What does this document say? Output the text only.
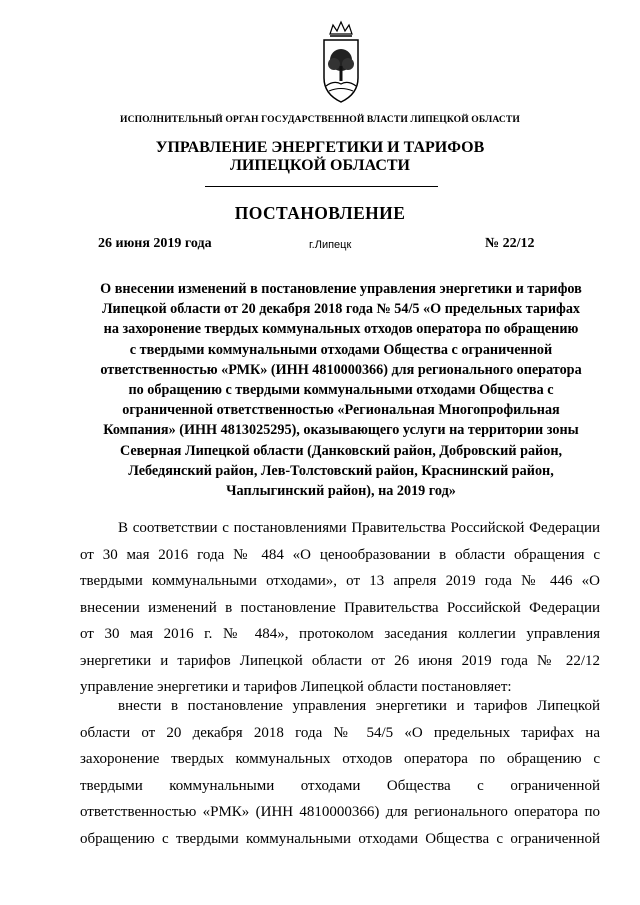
ИСПОЛНИТЕЛЬНЫЙ ОРГАН ГОСУДАРСТВЕННОЙ ВЛАСТИ ЛИПЕЦКОЙ ОБЛАСТИ
УПРАВЛЕНИЕ ЭНЕРГЕТИКИ И ТАРИФОВ
ЛИПЕЦКОЙ ОБЛАСТИ
ПОСТАНОВЛЕНИЕ
26 июня 2019 года	г.Липецк	№ 22/12
О внесении изменений в постановление управления энергетики и тарифов
Липецкой области от 20 декабря 2018 года № 54/5 «О предельных тарифах
на захоронение твердых коммунальных отходов оператора по обращению
с твердыми коммунальными отходами Общества с ограниченной
ответственностью «РМК» (ИНН 4810000366) для регионального оператора
по обращению с твердыми коммунальными отходами Общества с
ограниченной ответственностью «Региональная Многопрофильная
Компания» (ИНН 4813025295), оказывающего услуги на территории зоны
Северная Липецкой области (Данковский район, Добровский район,
Лебедянский район, Лев-Толстовский район, Краснинский район,
Чаплыгинский район), на 2019 год»
В соответствии с постановлениями Правительства Российской Федерации
от 30 мая 2016 года № 484 «О ценообразовании в области обращения с
твердыми коммунальными отходами», от 13 апреля 2019 года № 446 «О
внесении изменений в постановление Правительства Российской Федерации
от 30 мая 2016 г. № 484», протоколом заседания коллегии управления
энергетики и тарифов Липецкой области от 26 июня 2019 года № 22/12
управление энергетики и тарифов Липецкой области постановляет:
внести в постановление управления энергетики и тарифов Липецкой
области от 20 декабря 2018 года № 54/5 «О предельных тарифах на
захоронение твердых коммунальных отходов оператора по обращению с
твердыми коммунальными отходами Общества с ограниченной
ответственностью «РМК» (ИНН 4810000366) для регионального оператора по
обращению с твердыми коммунальными отходами Общества с ограниченной
